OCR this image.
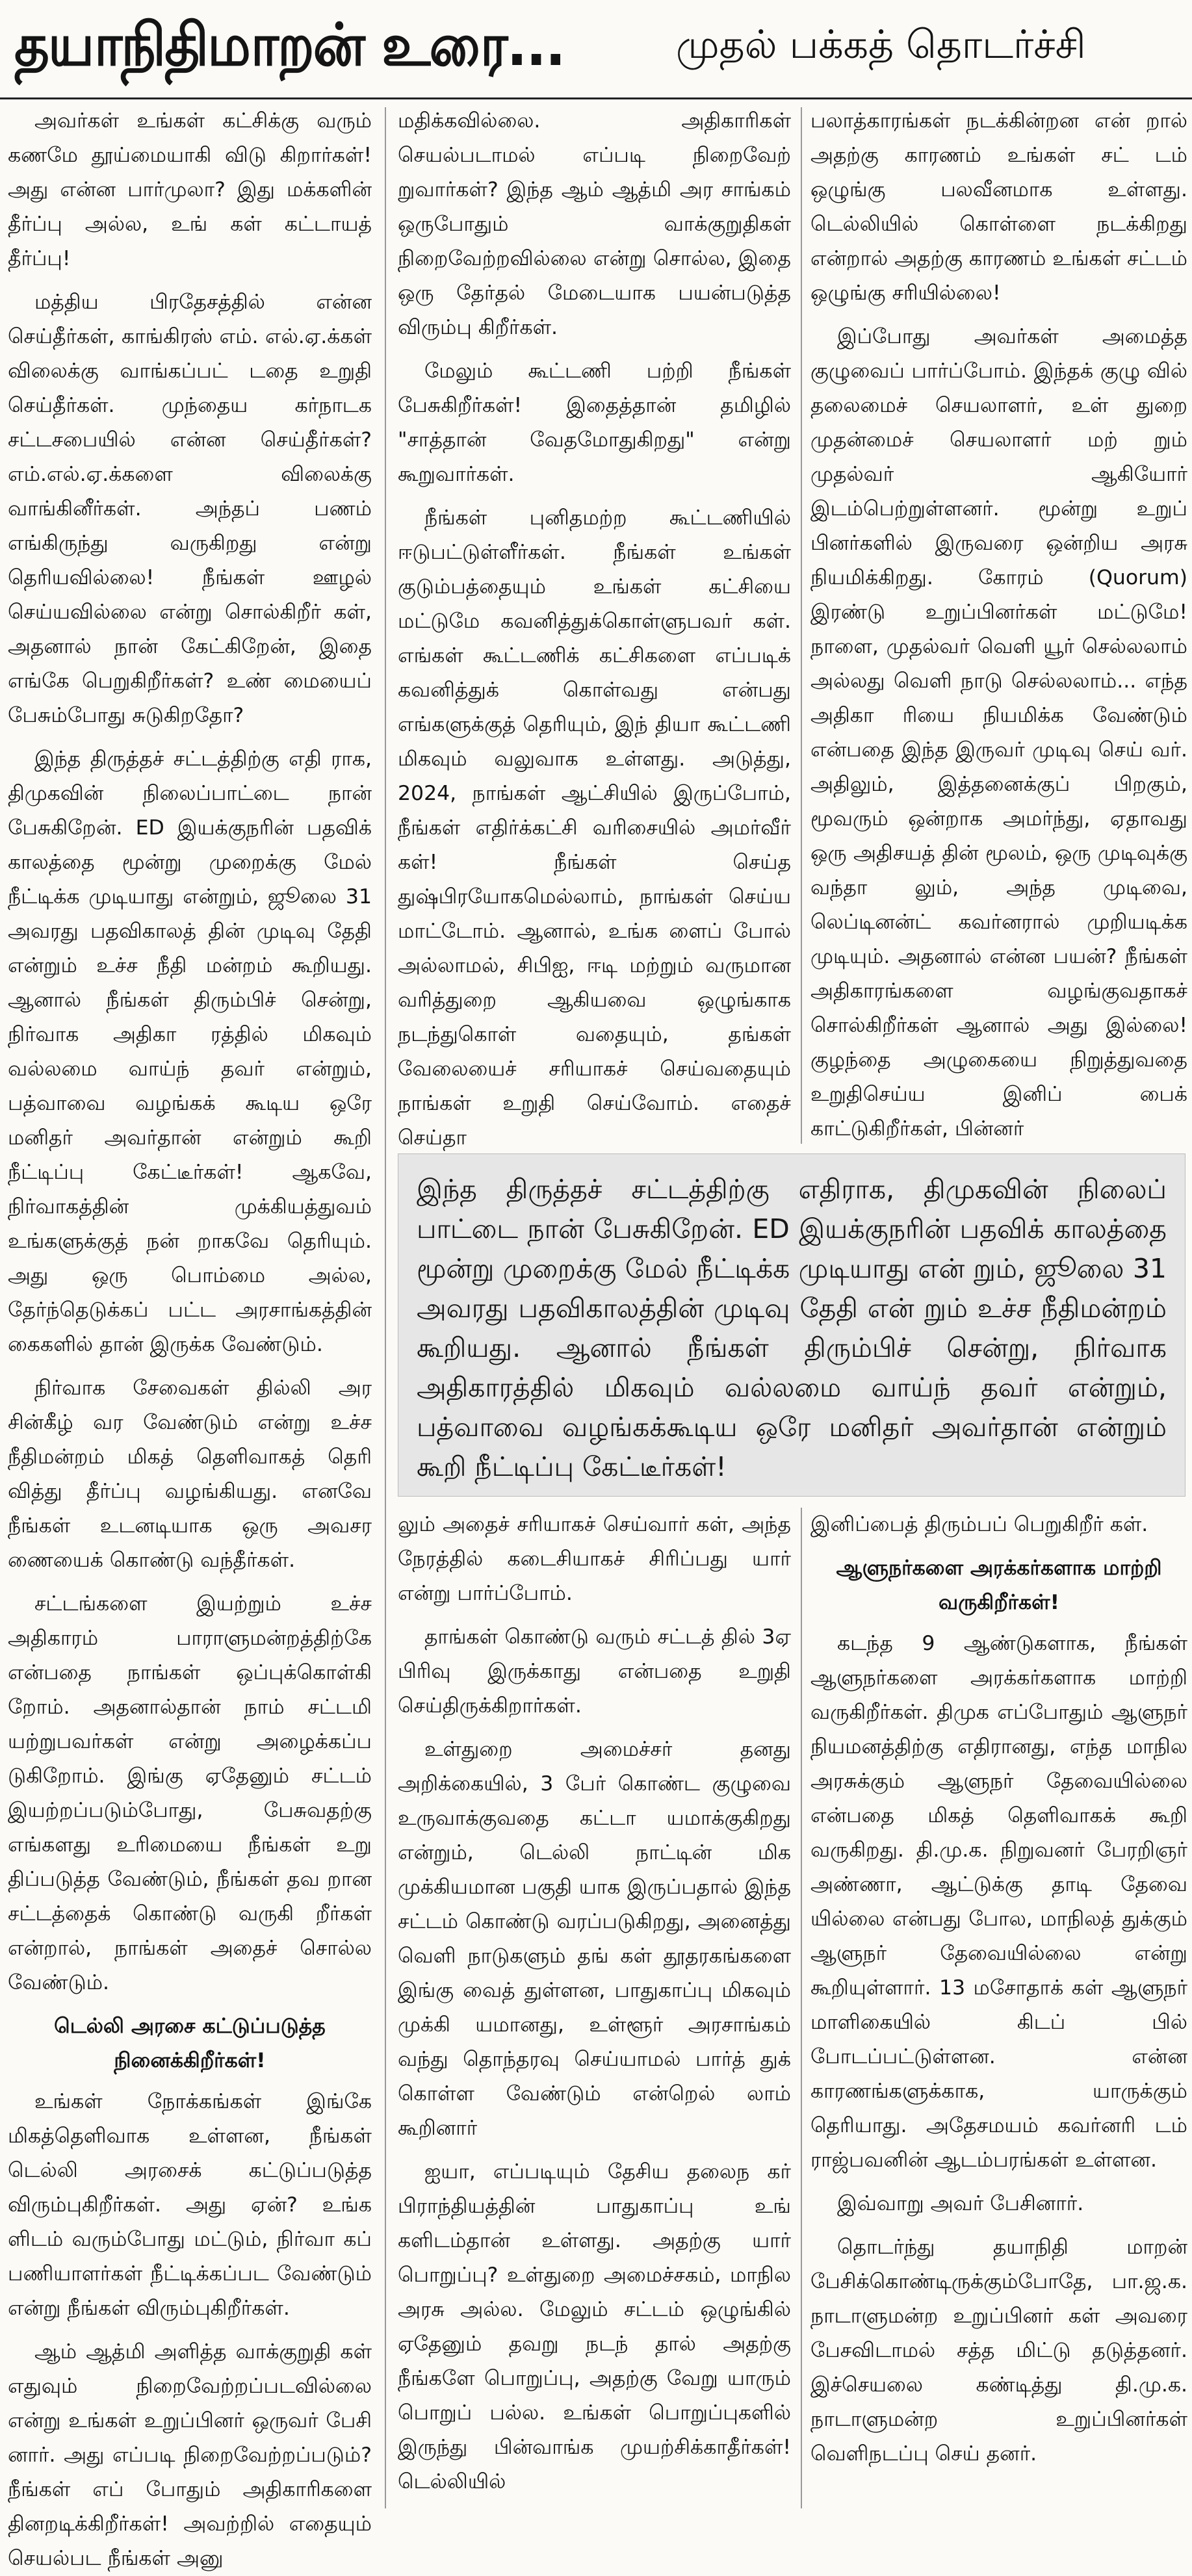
தயாநிதிமாறன் உரை...	முதல் பக்கத் தொடர்ச்சி

அவர்கள் உங்கள் கட்சிக்கு வரும் கணமே தூய்மையாகி விடு கிறார்கள்! அது என்ன பார்முலா? இது மக்களின் தீர்ப்பு அல்ல, உங் கள் கட்டாயத் தீர்ப்பு!

மத்திய பிரதேசத்தில் என்ன செய்தீர்கள், காங்கிரஸ் எம். எல்.ஏ.க்கள் விலைக்கு வாங்கப்பட் டதை உறுதி செய்தீர்கள். முந்தைய கர்நாடக சட்டசபையில் என்ன செய்தீர்கள்? எம்.எல்.ஏ.க்களை விலைக்கு வாங்கினீர்கள். அந்தப் பணம் எங்கிருந்து வருகிறது என்று தெரியவில்லை! நீங்கள் ஊழல் செய்யவில்லை என்று சொல்கிறீர் கள், அதனால் நான் கேட்கிறேன், இதை எங்கே பெறுகிறீர்கள்? உண் மையைப் பேசும்போது சுடுகிறதோ?

இந்த திருத்தச் சட்டத்திற்கு எதி ராக, திமுகவின் நிலைப்பாட்டை நான் பேசுகிறேன். ED இயக்குநரின் பதவிக் காலத்தை மூன்று முறைக்கு மேல் நீட்டிக்க முடியாது என்றும், ஜூலை 31 அவரது பதவிகாலத் தின் முடிவு தேதி என்றும் உச்ச நீதி மன்றம் கூறியது. ஆனால் நீங்கள் திரும்பிச் சென்று, நிர்வாக அதிகா ரத்தில் மிகவும் வல்லமை வாய்ந் தவர் என்றும், பத்வாவை வழங்கக் கூடிய ஒரே மனிதர் அவர்தான் என்றும் கூறி நீட்டிப்பு கேட்டீர்கள்! ஆகவே, நிர்வாகத்தின் முக்கியத்துவம் உங்களுக்குத் நன் றாகவே தெரியும். அது ஒரு பொம்மை அல்ல, தேர்ந்தெடுக்கப் பட்ட அரசாங்கத்தின் கைகளில் தான் இருக்க வேண்டும்.

நிர்வாக சேவைகள் தில்லி அர சின்கீழ் வர வேண்டும் என்று உச்ச நீதிமன்றம் மிகத் தெளிவாகத் தெரி வித்து தீர்ப்பு வழங்கியது. எனவே நீங்கள் உடனடியாக ஒரு அவசர ணையைக் கொண்டு வந்தீர்கள்.

சட்டங்களை இயற்றும் உச்ச அதிகாரம் பாராளுமன்றத்திற்கே என்பதை நாங்கள் ஒப்புக்கொள்கி றோம். அதனால்தான் நாம் சட்டமி யற்றுபவர்கள் என்று அழைக்கப்ப டுகிறோம். இங்கு ஏதேனும் சட்டம் இயற்றப்படும்போது, பேசுவதற்கு எங்களது உரிமையை நீங்கள் உறு திப்படுத்த வேண்டும், நீங்கள் தவ றான சட்டத்தைக் கொண்டு வருகி றீர்கள் என்றால், நாங்கள் அதைச் சொல்ல வேண்டும்.

டெல்லி அரசை கட்டுப்படுத்த நினைக்கிறீர்கள்!

உங்கள் நோக்கங்கள் இங்கே மிகத்தெளிவாக உள்ளன, நீங்கள் டெல்லி அரசைக் கட்டுப்படுத்த விரும்புகிறீர்கள். அது ஏன்? உங்க ளிடம் வரும்போது மட்டும், நிர்வா கப் பணியாளர்கள் நீட்டிக்கப்பட வேண்டும் என்று நீங்கள் விரும்புகிறீர்கள்.

ஆம் ஆத்மி அளித்த வாக்குறுதி கள் எதுவும் நிறைவேற்றப்படவில்லை என்று உங்கள் உறுப்பினர் ஒருவர் பேசி னார். அது எப்படி நிறைவேற்றப்படும்? நீங்கள் எப் போதும் அதிகாரிகளை தினறடிக்கிறீர்கள்! அவற்றில் எதையும் செயல்பட நீங்கள் அனு

மதிக்கவில்லை. அதிகாரிகள் செயல்படாமல் எப்படி நிறைவேற் றுவார்கள்? இந்த ஆம் ஆத்மி அர சாங்கம் ஒருபோதும் வாக்குறுதிகள் நிறைவேற்றவில்லை என்று சொல்ல, இதை ஒரு தேர்தல் மேடையாக பயன்படுத்த விரும்பு கிறீர்கள்.

மேலும் கூட்டணி பற்றி நீங்கள் பேசுகிறீர்கள்! இதைத்தான் தமிழில் "சாத்தான் வேதமோதுகிறது" என்று கூறுவார்கள்.

நீங்கள் புனிதமற்ற கூட்டணியில் ஈடுபட்டுள்ளீர்கள். நீங்கள் உங்கள் குடும்பத்தையும் உங்கள் கட்சியை மட்டுமே கவனித்துக்கொள்ளுபவர் கள். எங்கள் கூட்டணிக் கட்சிகளை எப்படிக் கவனித்துக் கொள்வது என்பது எங்களுக்குத் தெரியும், இந் தியா கூட்டணி மிகவும் வலுவாக உள்ளது. அடுத்து, 2024, நாங்கள் ஆட்சியில் இருப்போம், நீங்கள் எதிர்க்கட்சி வரிசையில் அமர்வீர் கள்! நீங்கள் செய்த துஷ்பிரயோகமெல்லாம், நாங்கள் செய்ய மாட்டோம். ஆனால், உங்க ளைப் போல் அல்லாமல், சிபிஐ, ஈடி மற்றும் வருமான வரித்துறை ஆகியவை ஒழுங்காக நடந்துகொள் வதையும், தங்கள் வேலையைச் சரியாகச் செய்வதையும் நாங்கள் உறுதி செய்வோம். எதைச் செய்தா

பலாத்காரங்கள் நடக்கின்றன என் றால் அதற்கு காரணம் உங்கள் சட் டம் ஒழுங்கு பலவீனமாக உள்ளது. டெல்லியில் கொள்ளை நடக்கிறது என்றால் அதற்கு காரணம் உங்கள் சட்டம் ஒழுங்கு சரியில்லை!

இப்போது அவர்கள் அமைத்த குழுவைப் பார்ப்போம். இந்தக் குழு வில் தலைமைச் செயலாளர், உள் துறை முதன்மைச் செயலாளர் மற் றும் முதல்வர் ஆகியோர் இடம்பெற்றுள்ளனர். மூன்று உறுப் பினர்களில் இருவரை ஒன்றிய அரசு நியமிக்கிறது. கோரம் (Quorum) இரண்டு உறுப்பினர்கள் மட்டுமே! நாளை, முதல்வர் வெளி யூர் செல்லலாம் அல்லது வெளி நாடு செல்லலாம்... எந்த அதிகா ரியை நியமிக்க வேண்டும் என்பதை இந்த இருவர் முடிவு செய் வர். அதிலும், இத்தனைக்குப் பிறகும், மூவரும் ஒன்றாக அமர்ந்து, ஏதாவது ஒரு அதிசயத் தின் மூலம், ஒரு முடிவுக்கு வந்தா லும், அந்த முடிவை, லெப்டினன்ட் கவர்னரால் முறியடிக்க முடியும். அதனால் என்ன பயன்? நீங்கள் அதிகாரங்களை வழங்குவதாகச் சொல்கிறீர்கள் ஆனால் அது இல்லை! குழந்தை அழுகையை நிறுத்துவதை உறுதிசெய்ய இனிப் பைக் காட்டுகிறீர்கள், பின்னர்

இந்த திருத்தச் சட்டத்திற்கு எதிராக, திமுகவின் நிலைப் பாட்டை நான் பேசுகிறேன். ED இயக்குநரின் பதவிக் காலத்தை மூன்று முறைக்கு மேல் நீட்டிக்க முடியாது என் றும், ஜூலை 31 அவரது பதவிகாலத்தின் முடிவு தேதி என் றும் உச்ச நீதிமன்றம் கூறியது. ஆனால் நீங்கள் திரும்பிச் சென்று, நிர்வாக அதிகாரத்தில் மிகவும் வல்லமை வாய்ந் தவர் என்றும், பத்வாவை வழங்கக்கூடிய ஒரே மனிதர் அவர்தான் என்றும் கூறி நீட்டிப்பு கேட்டீர்கள்!

லும் அதைச் சரியாகச் செய்வார் கள், அந்த நேரத்தில் கடைசியாகச் சிரிப்பது யார் என்று பார்ப்போம்.

தாங்கள் கொண்டு வரும் சட்டத் தில் 3ஏ பிரிவு இருக்காது என்பதை உறுதி செய்திருக்கிறார்கள்.

உள்துறை அமைச்சர் தனது அறிக்கையில், 3 பேர் கொண்ட குழுவை உருவாக்குவதை கட்டா யமாக்குகிறது என்றும், டெல்லி நாட்டின் மிக முக்கியமான பகுதி யாக இருப்பதால் இந்த சட்டம் கொண்டு வரப்படுகிறது, அனைத்து வெளி நாடுகளும் தங் கள் தூதரகங்களை இங்கு வைத் துள்ளன, பாதுகாப்பு மிகவும் முக்கி யமானது, உள்ளூர் அரசாங்கம் வந்து தொந்தரவு செய்யாமல் பார்த் துக் கொள்ள வேண்டும் என்றெல் லாம் கூறினார்

ஐயா, எப்படியும் தேசிய தலைந கர் பிராந்தியத்தின் பாதுகாப்பு உங் களிடம்தான் உள்ளது. அதற்கு யார் பொறுப்பு? உள்துறை அமைச்சகம், மாநில அரசு அல்ல. மேலும் சட்டம் ஒழுங்கில் ஏதேனும் தவறு நடந் தால் அதற்கு நீங்களே பொறுப்பு, அதற்கு வேறு யாரும் பொறுப் பல்ல. உங்கள் பொறுப்புகளில் இருந்து பின்வாங்க முயற்சிக்காதீர்கள்! டெல்லியில்

இனிப்பைத் திரும்பப் பெறுகிறீர் கள்.

ஆளுநர்களை அரக்கர்களாக மாற்றி வருகிறீர்கள்!

கடந்த 9 ஆண்டுகளாக, நீங்கள் ஆளுநர்களை அரக்கர்களாக மாற்றி வருகிறீர்கள். திமுக எப்போதும் ஆளுநர் நியமனத்திற்கு எதிரானது, எந்த மாநில அரசுக்கும் ஆளுநர் தேவையில்லை என்பதை மிகத் தெளிவாகக் கூறி வருகிறது. தி.மு.க. நிறுவனர் பேரறிஞர் அண்ணா, ஆட்டுக்கு தாடி தேவை யில்லை என்பது போல, மாநிலத் துக்கும் ஆளுநர் தேவையில்லை என்று கூறியுள்ளார். 13 மசோதாக் கள் ஆளுநர் மாளிகையில் கிடப் பில் போடப்பட்டுள்ளன. என்ன காரணங்களுக்காக, யாருக்கும் தெரியாது. அதேசமயம் கவர்னரி டம் ராஜ்பவனின் ஆடம்பரங்கள் உள்ளன.

இவ்வாறு அவர் பேசினார்.

தொடர்ந்து தயாநிதி மாறன் பேசிக்கொண்டிருக்கும்போதே, பா.ஜ.க. நாடாளுமன்ற உறுப்பினர் கள் அவரை பேசவிடாமல் சத்த மிட்டு தடுத்தனர். இச்செயலை கண்டித்து தி.மு.க. நாடாளுமன்ற உறுப்பினர்கள் வெளிநடப்பு செய் தனர்.
